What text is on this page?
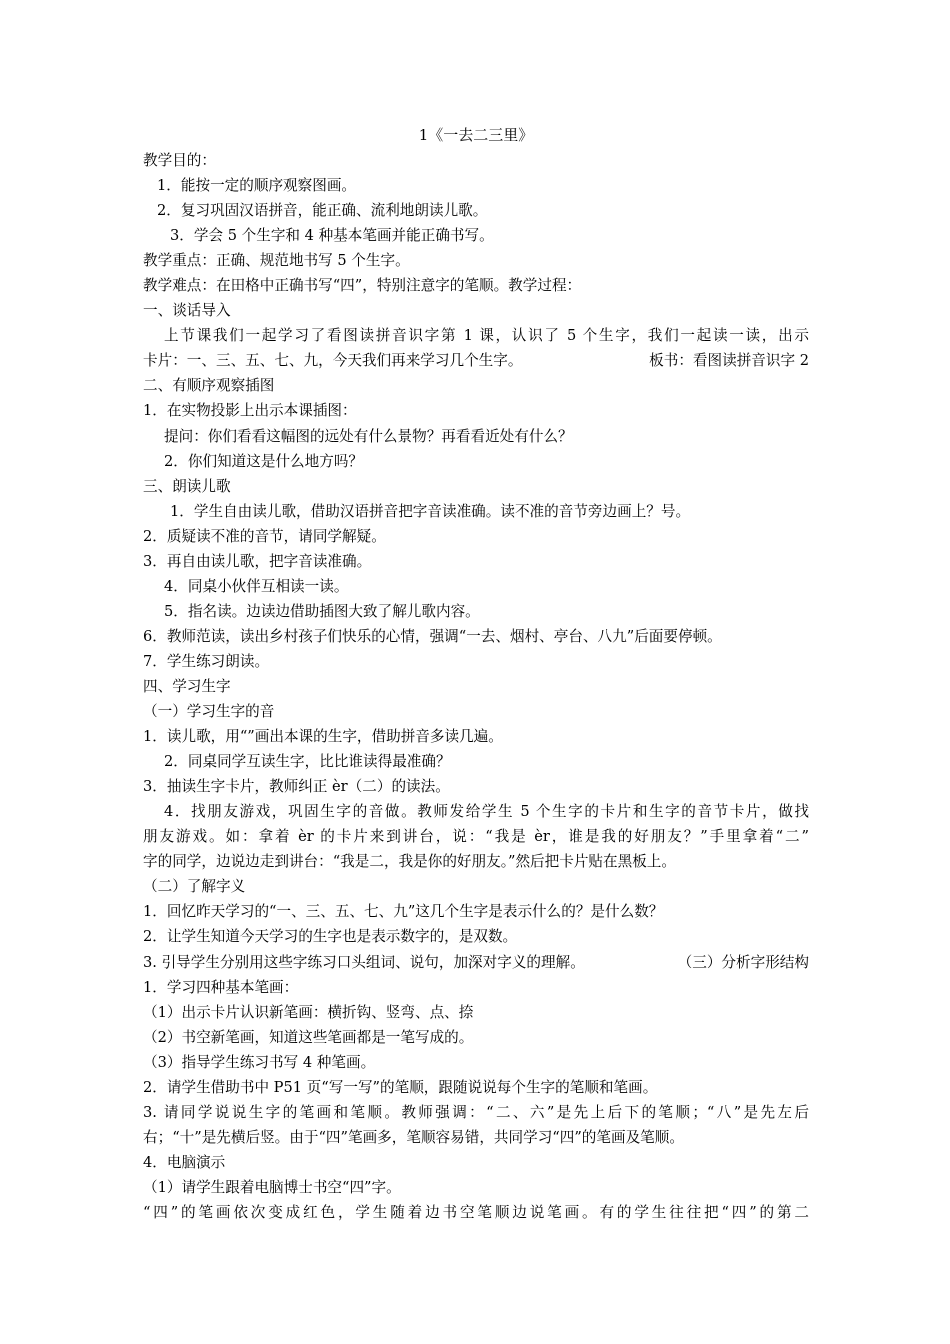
1《一去二三里》
教学目的：
1．能按一定的顺序观察图画。
2．复习巩固汉语拼音，能正确、流利地朗读儿歌。
3．学会 5 个生字和 4 种基本笔画并能正确书写。
教学重点：正确、规范地书写 5 个生字。
教学难点：在田格中正确书写“四”，特别注意字的笔顺。教学过程：
一、谈话导入
上节课我们一起学习了看图读拼音识字第 1 课，认识了 5 个生字，我们一起读一读，出示
卡片：一、三、五、七、九，今天我们再来学习几个生字。	板书：看图读拼音识字 2
二、有顺序观察插图
1．在实物投影上出示本课插图：
提问：你们看看这幅图的远处有什么景物？再看看近处有什么？
2．你们知道这是什么地方吗？
三、朗读儿歌
1．学生自由读儿歌，借助汉语拼音把字音读准确。读不准的音节旁边画上？号。
2．质疑读不准的音节，请同学解疑。
3．再自由读儿歌，把字音读准确。
4．同桌小伙伴互相读一读。
5．指名读。边读边借助插图大致了解儿歌内容。
6．教师范读，读出乡村孩子们快乐的心情，强调“一去、烟村、亭台、八九”后面要停顿。
7．学生练习朗读。
四、学习生字
（一）学习生字的音
1．读儿歌，用“”画出本课的生字，借助拼音多读几遍。
2．同桌同学互读生字，比比谁读得最准确？
3．抽读生字卡片，教师纠正 èr（二）的读法。
4．找朋友游戏，巩固生字的音做。教师发给学生 5 个生字的卡片和生字的音节卡片，做找
朋友游戏。如：拿着 èr 的卡片来到讲台，说：“我是 èr，谁是我的好朋友？”手里拿着“二”
字的同学，边说边走到讲台：“我是二，我是你的好朋友。”然后把卡片贴在黑板上。
（二）了解字义
1．回忆昨天学习的“一、三、五、七、九”这几个生字是表示什么的？是什么数？
2．让学生知道今天学习的生字也是表示数字的，是双数。
3. 引导学生分别用这些字练习口头组词、说句，加深对字义的理解。	（三）分析字形结构
1．学习四种基本笔画：
（1）出示卡片认识新笔画：横折钩、竖弯、点、捺
（2）书空新笔画，知道这些笔画都是一笔写成的。
（3）指导学生练习书写 4 种笔画。
2．请学生借助书中 P51 页“写一写”的笔顺，跟随说说每个生字的笔顺和笔画。
3. 请同学说说生字的笔画和笔顺。教师强调：“二、六”是先上后下的笔顺；“八”是先左后
右；“十”是先横后竖。由于“四”笔画多，笔顺容易错，共同学习“四”的笔画及笔顺。
4．电脑演示
（1）请学生跟着电脑博士书空“四”字。
“四”的笔画依次变成红色，学生随着边书空笔顺边说笔画。有的学生往往把“四”的第二
